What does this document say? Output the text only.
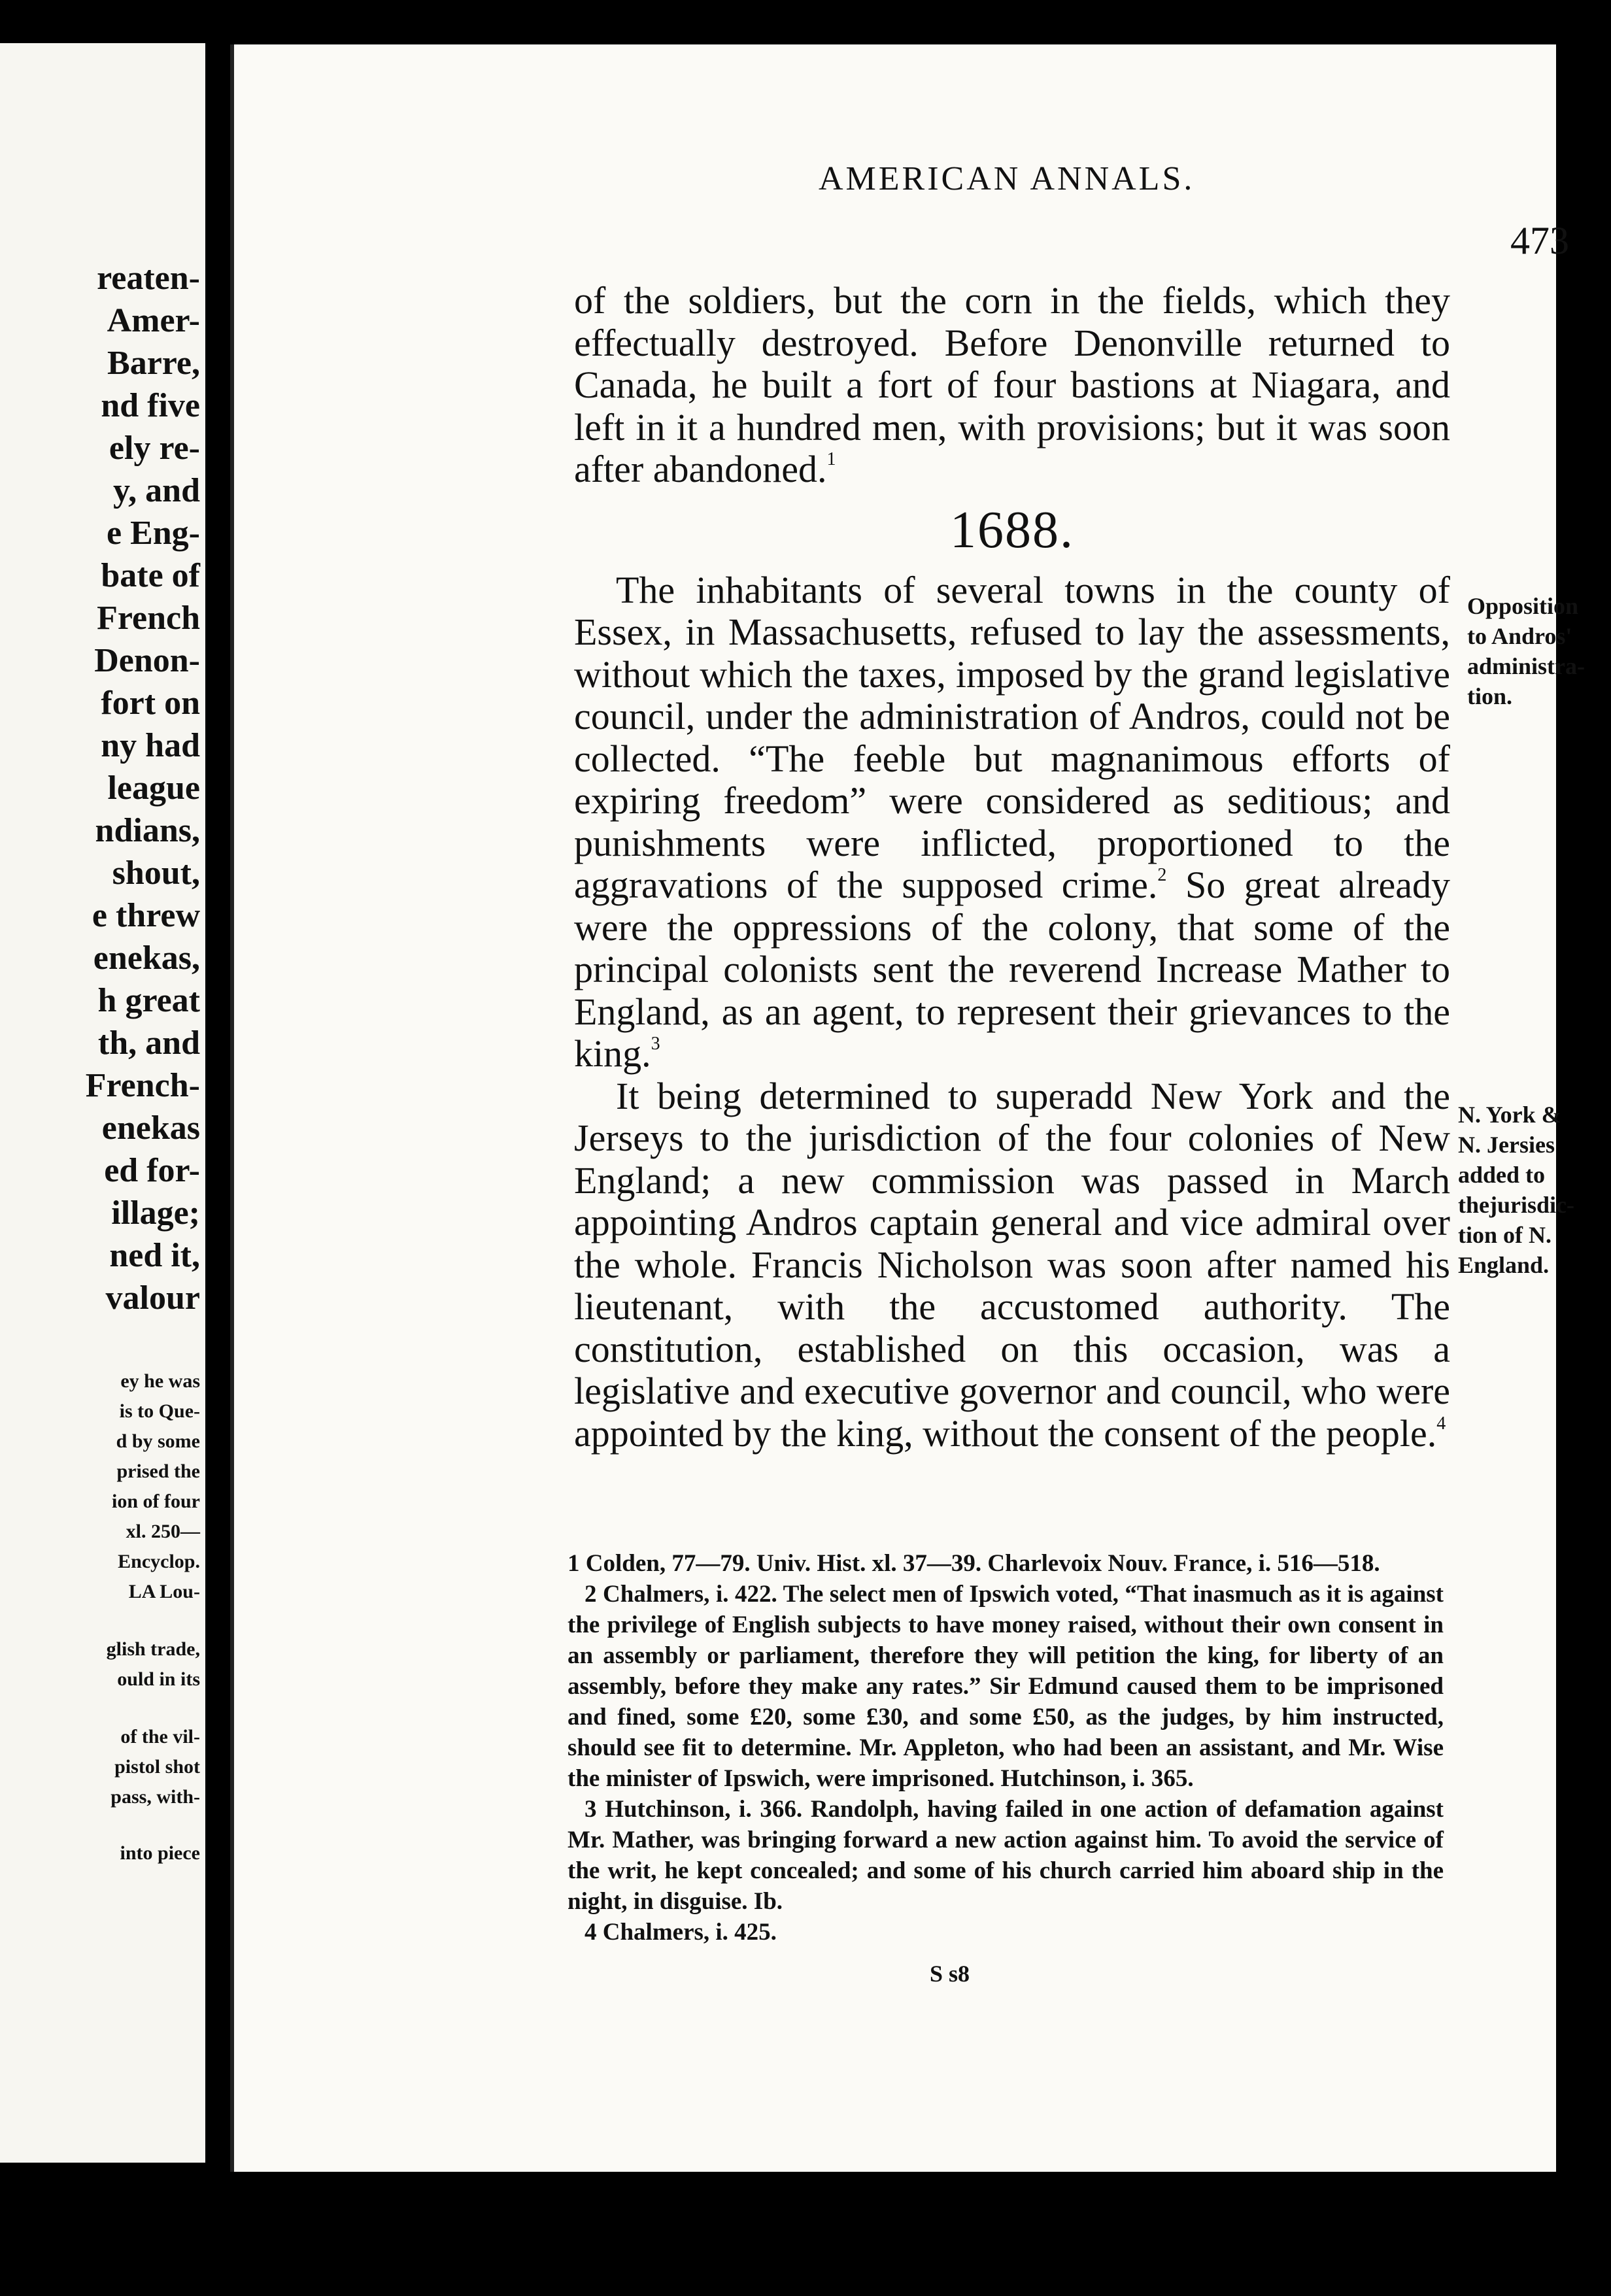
reaten-
Amer-
Barre,
nd five
ely re-
y, and
e Eng-
bate of
French
Denon-
fort on
ny had
league
ndians,
shout,
e threw
enekas,
h great
th, and
French-
enekas
ed for-
illage;
ned it,
valour
ey he was
is to Que-
d by some
prised the
ion of four
xl. 250—
Encyclop.
LA Lou-
glish trade,
ould in its
of the vil-
pistol shot
pass, with-
into piece
AMERICAN ANNALS.
473

of the soldiers, but the corn in the fields, which they effectually destroyed. Before Denonville returned to Canada, he built a fort of four bastions at Niagara, and left in it a hundred men, with provisions; but it was soon after abandoned.$^1$

1688.

The inhabitants of several towns in the county of Essex, in Massachusetts, refused to lay the assessments, without which the taxes, imposed by the grand legislative council, under the administration of Andros, could not be collected. “The feeble but magnanimous efforts of expiring freedom” were considered as seditious; and punishments were inflicted, proportioned to the aggravations of the supposed crime.$^2$ So great already were the oppressions of the colony, that some of the principal colonists sent the reverend Increase Mather to England, as an agent, to represent their grievances to the king.$^3$

It being determined to superadd New York and the Jerseys to the jurisdiction of the four colonies of New England; a new commission was passed in March appointing Andros captain general and vice admiral over the whole. Francis Nicholson was soon after named his lieutenant, with the accustomed authority. The constitution, established on this occasion, was a legislative and executive governor and council, who were appointed by the king, without the consent of the people.$^4$

Opposition
to Andros'
administra-
tion.
N. York &
N. Jersies
added to
thejurisdic-
tion of N.
England.

1 Colden, 77—79. Univ. Hist. xl. 37—39. Charlevoix Nouv. France, i. 516—518.

2 Chalmers, i. 422. The select men of Ipswich voted, “That inasmuch as it is against the privilege of English subjects to have money raised, without their own consent in an assembly or parliament, therefore they will petition the king, for liberty of an assembly, before they make any rates.” Sir Edmund caused them to be imprisoned and fined, some £20, some £30, and some £50, as the judges, by him instructed, should see fit to determine. Mr. Appleton, who had been an assistant, and Mr. Wise the minister of Ipswich, were imprisoned. Hutchinson, i. 365.

3 Hutchinson, i. 366. Randolph, having failed in one action of defamation against Mr. Mather, was bringing forward a new action against him. To avoid the service of the writ, he kept concealed; and some of his church carried him aboard ship in the night, in disguise. Ib.

4 Chalmers, i. 425.

S s8
